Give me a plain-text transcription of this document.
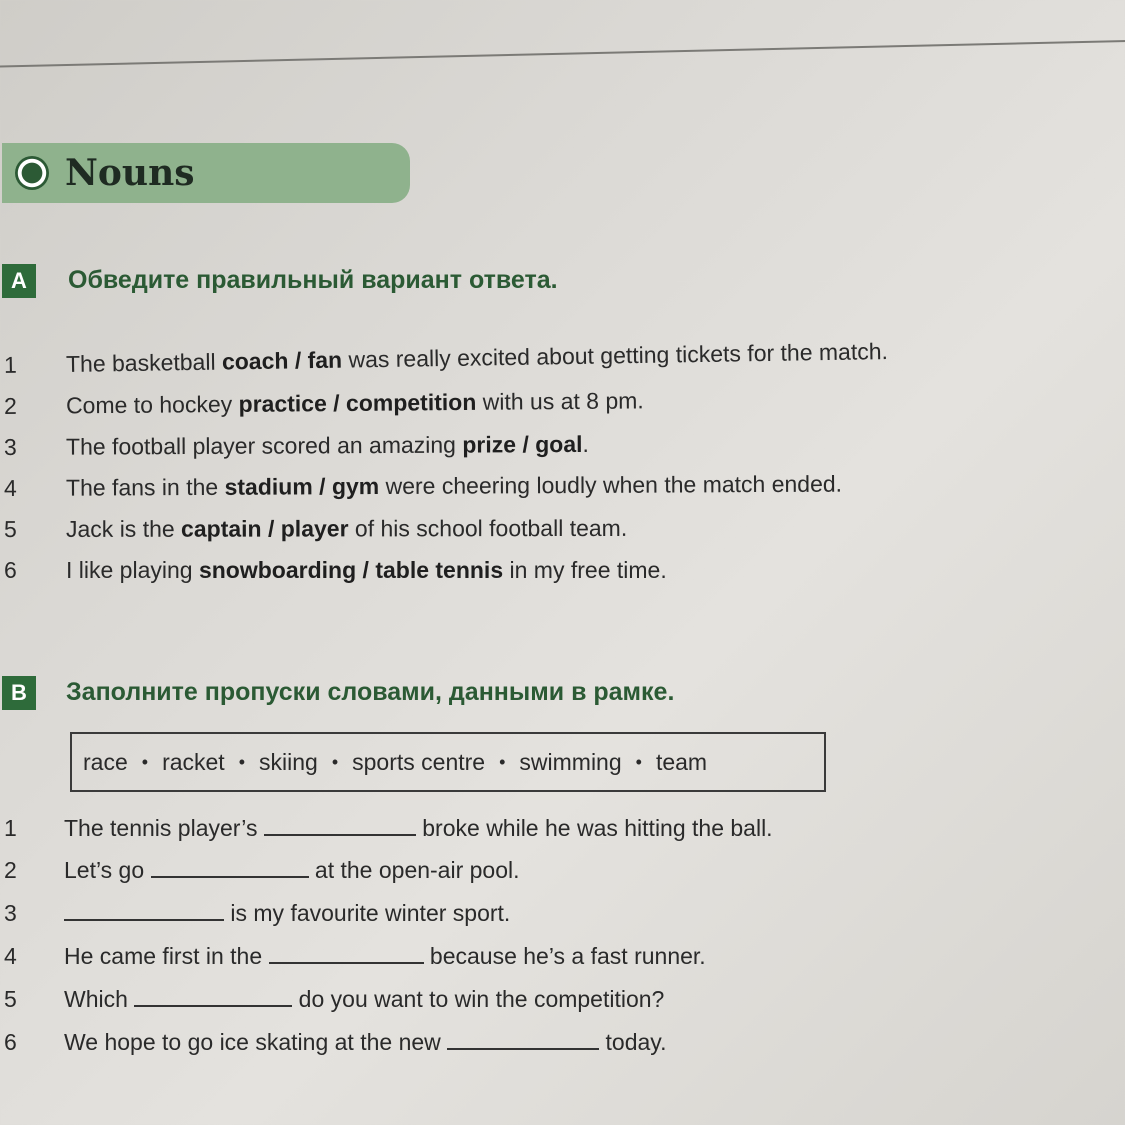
Nouns
A	Обведите правильный вариант ответа.
1 The basketball coach / fan was really excited about getting tickets for the match.
2 Come to hockey practice / competition with us at 8 pm.
3 The football player scored an amazing prize / goal.
4 The fans in the stadium / gym were cheering loudly when the match ended.
5 Jack is the captain / player of his school football team.
6 I like playing snowboarding / table tennis in my free time.
B	Заполните пропуски словами, данными в рамке.
race • racket • skiing • sports centre • swimming • team
1 The tennis player’s	broke while he was hitting the ball.
2 Let’s go	at the open-air pool.
3	is my favourite winter sport.
4 He came first in the	because he’s a fast runner.
5 Which	do you want to win the competition?
6 We hope to go ice skating at the new	today.
